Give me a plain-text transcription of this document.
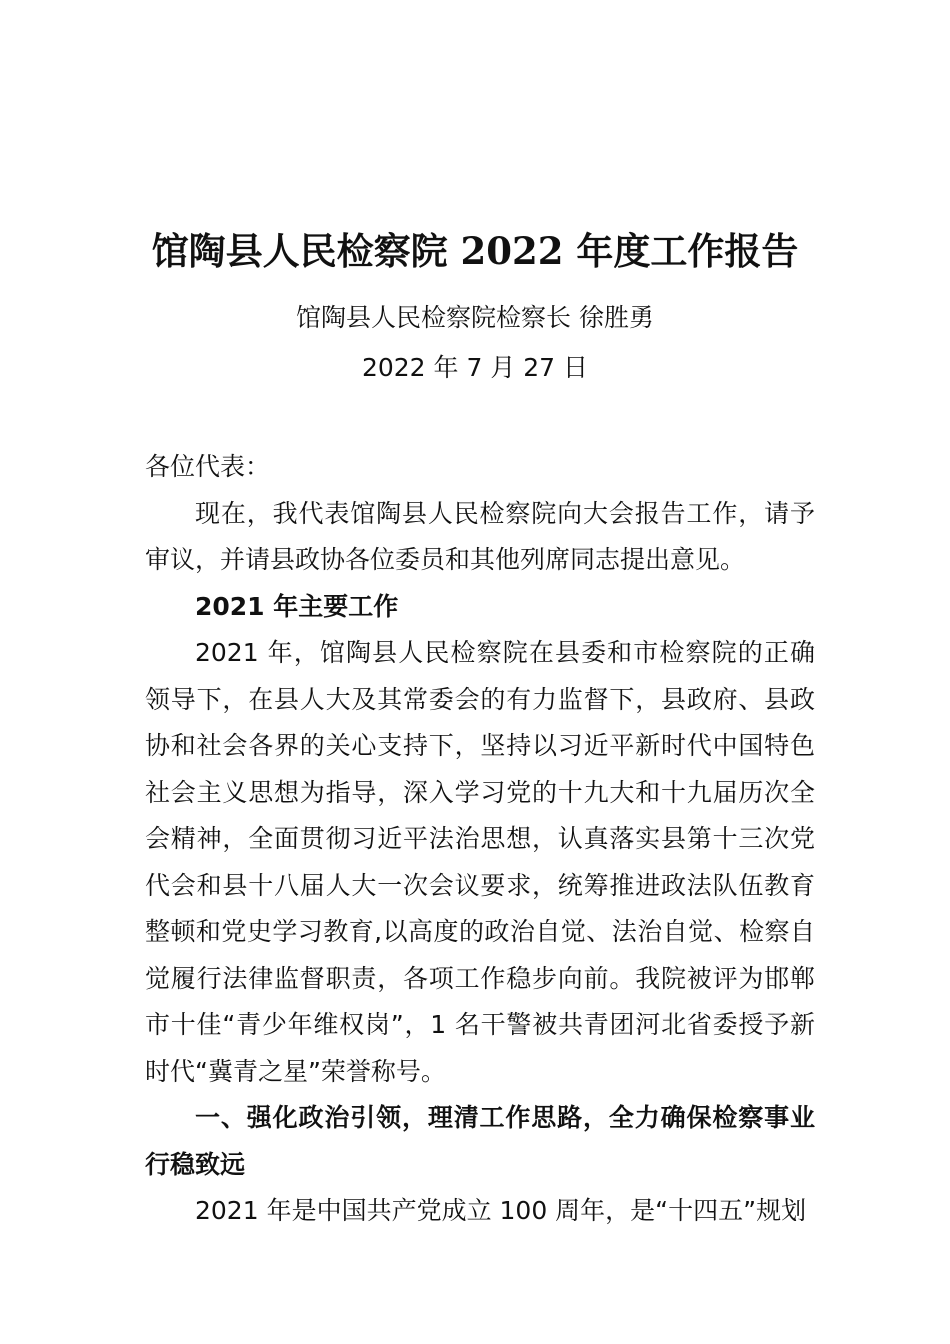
馆陶县人民检察院 2022 年度工作报告
馆陶县人民检察院检察长 徐胜勇
2022 年 7 月 27 日

各位代表：

现在，我代表馆陶县人民检察院向大会报告工作，请予审议，并请县政协各位委员和其他列席同志提出意见。

2021 年主要工作

2021 年，馆陶县人民检察院在县委和市检察院的正确领导下，在县人大及其常委会的有力监督下，县政府、县政协和社会各界的关心支持下，坚持以习近平新时代中国特色社会主义思想为指导，深入学习党的十九大和十九届历次全会精神，全面贯彻习近平法治思想，认真落实县第十三次党代会和县十八届人大一次会议要求，统筹推进政法队伍教育整顿和党史学习教育,以高度的政治自觉、法治自觉、检察自觉履行法律监督职责，各项工作稳步向前。我院被评为邯郸市十佳“青少年维权岗”，1 名干警被共青团河北省委授予新时代“冀青之星”荣誉称号。

一、强化政治引领，理清工作思路，全力确保检察事业行稳致远

2021 年是中国共产党成立 100 周年，是“十四五”规划
